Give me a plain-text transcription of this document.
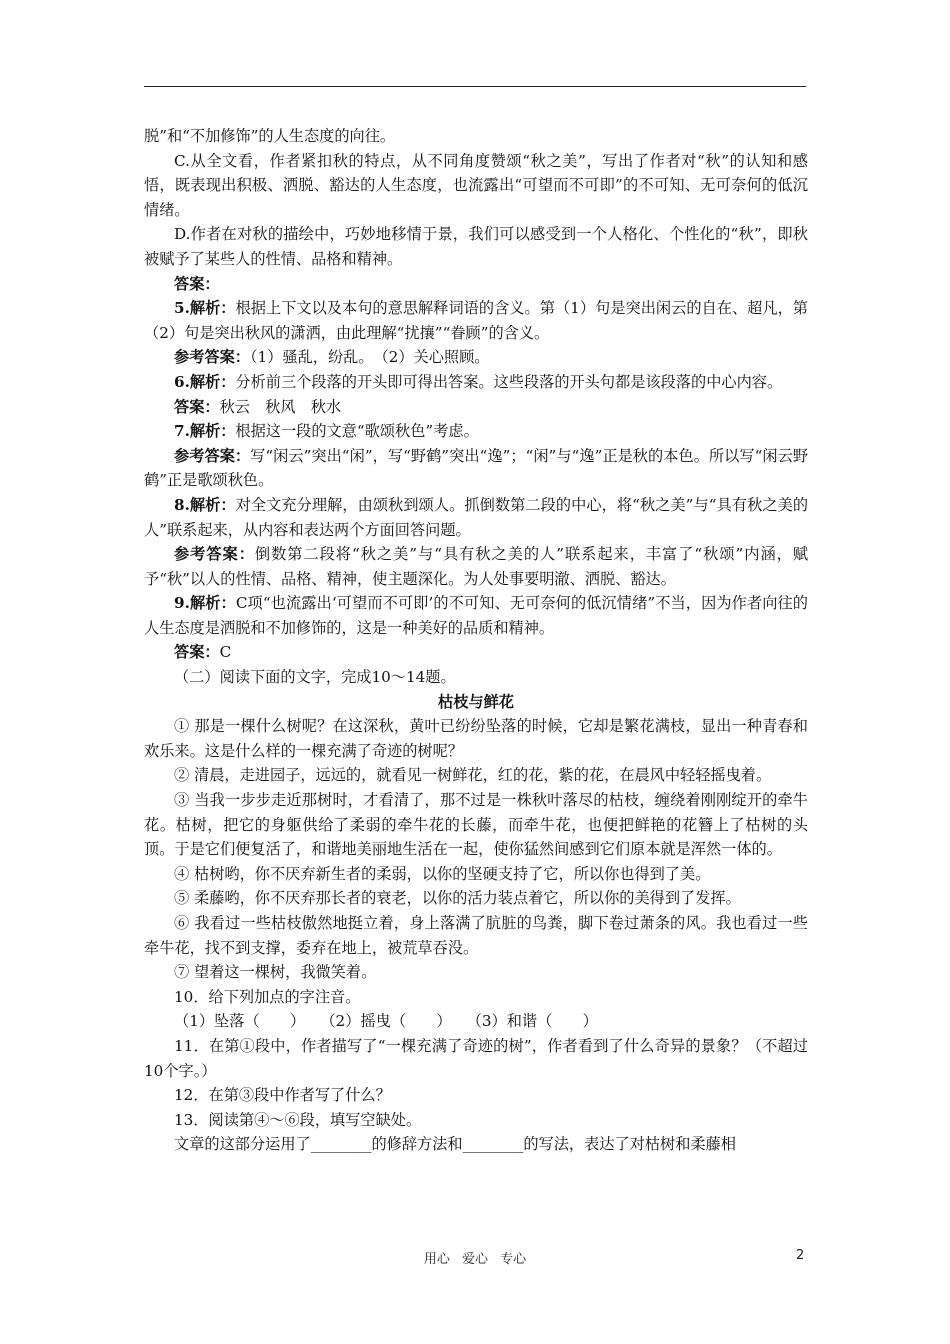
脱”和“不加修饰”的人生态度的向往。

C.从全文看，作者紧扣秋的特点，从不同角度赞颂“秋之美”，写出了作者对“秋”的认知和感悟，既表现出积极、洒脱、豁达的人生态度，也流露出“可望而不可即”的不可知、无可奈何的低沉情绪。

D.作者在对秋的描绘中，巧妙地移情于景，我们可以感受到一个人格化、个性化的“秋”，即秋被赋予了某些人的性情、品格和精神。

答案：

5.解析：根据上下文以及本句的意思解释词语的含义。第（1）句是突出闲云的自在、超凡，第（2）句是突出秋风的潇洒，由此理解“扰攘”“眷顾”的含义。

参考答案：（1）骚乱，纷乱。　（2）关心照顾。

6.解析：分析前三个段落的开头即可得出答案。这些段落的开头句都是该段落的中心内容。

答案：秋云　秋风　秋水

7.解析：根据这一段的文意“歌颂秋色”考虑。

参考答案：写“闲云”突出“闲”，写“野鹤”突出“逸”；“闲”与“逸”正是秋的本色。所以写“闲云野鹤”正是歌颂秋色。

8.解析：对全文充分理解，由颂秋到颂人。抓倒数第二段的中心，将“秋之美”与“具有秋之美的人”联系起来，从内容和表达两个方面回答问题。

参考答案：倒数第二段将“秋之美”与“具有秋之美的人”联系起来，丰富了“秋颂”内涵，赋予“秋”以人的性情、品格、精神，使主题深化。为人处事要明澈、洒脱、豁达。

9.解析：C项“也流露出‘可望而不可即’的不可知、无可奈何的低沉情绪”不当，因为作者向往的人生态度是洒脱和不加修饰的，这是一种美好的品质和精神。

答案：C

（二）阅读下面的文字，完成10～14题。

枯枝与鲜花

① 那是一棵什么树呢？在这深秋，黄叶已纷纷坠落的时候，它却是繁花满枝，显出一种青春和欢乐来。这是什么样的一棵充满了奇迹的树呢？

② 清晨，走进园子，远远的，就看见一树鲜花，红的花，紫的花，在晨风中轻轻摇曳着。

③ 当我一步步走近那树时，才看清了，那不过是一株秋叶落尽的枯枝，缠绕着刚刚绽开的牵牛花。枯树，把它的身躯供给了柔弱的牵牛花的长藤，而牵牛花，也便把鲜艳的花簪上了枯树的头顶。于是它们便复活了，和谐地美丽地生活在一起，使你猛然间感到它们原本就是浑然一体的。

④ 枯树哟，你不厌弃新生者的柔弱，以你的坚硬支持了它，所以你也得到了美。

⑤ 柔藤哟，你不厌弃那长者的衰老，以你的活力装点着它，所以你的美得到了发挥。

⑥ 我看过一些枯枝傲然地挺立着，身上落满了肮脏的鸟粪，脚下卷过萧条的风。我也看过一些牵牛花，找不到支撑，委弃在地上，被荒草吞没。

⑦ 望着这一棵树，我微笑着。

10．给下列加点的字注音。

（1）坠落（　　）　　（2）摇曳（　　）　　（3）和谐（　　）

11．在第①段中，作者描写了“一棵充满了奇迹的树”，作者看到了什么奇异的景象？（不超过10个字。）

12．在第③段中作者写了什么？

13．阅读第④～⑥段，填写空缺处。

文章的这部分运用了________的修辞方法和________的写法，表达了对枯树和柔藤相

用心 爱心 专心	2
